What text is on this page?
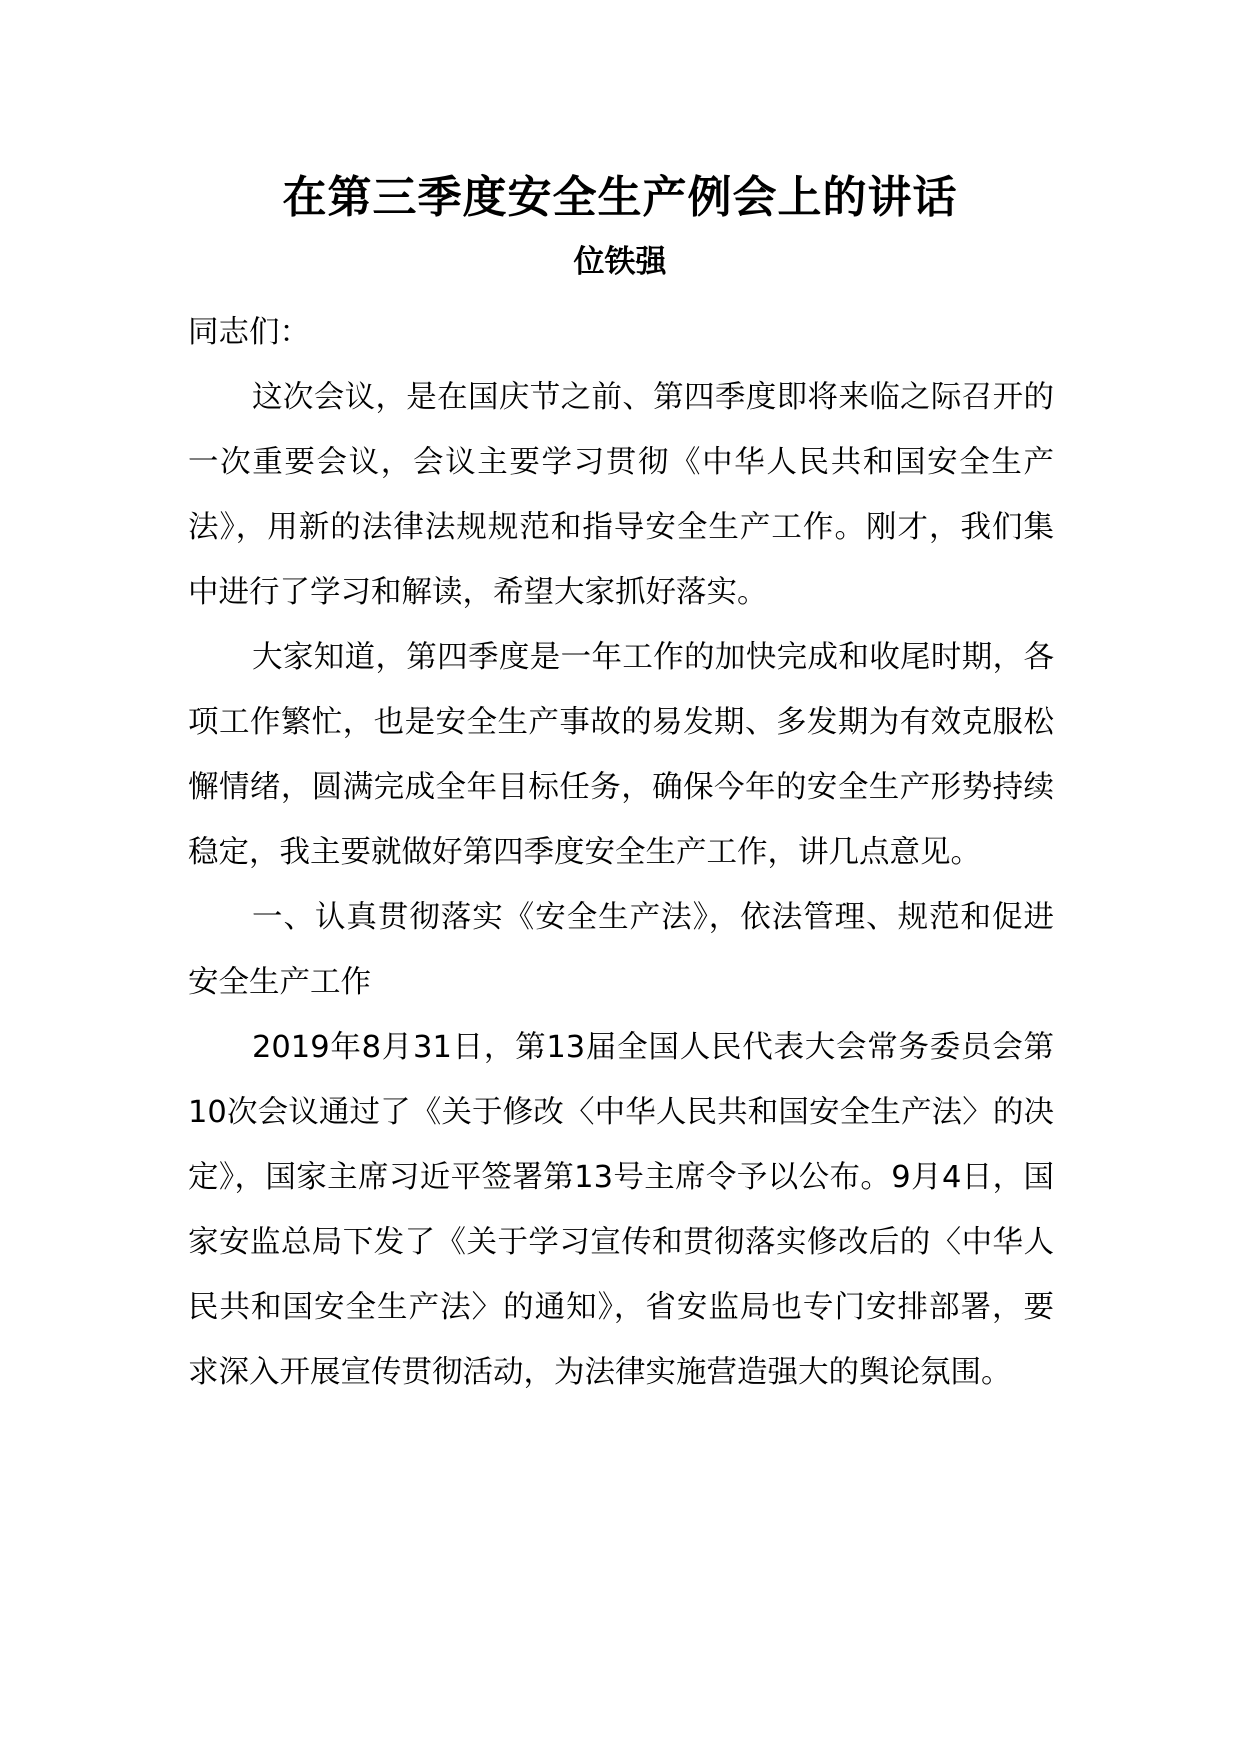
在第三季度安全生产例会上的讲话
位铁强

同志们：

这次会议，是在国庆节之前、第四季度即将来临之际召开的一次重要会议，会议主要学习贯彻《中华人民共和国安全生产法》，用新的法律法规规范和指导安全生产工作。刚才，我们集中进行了学习和解读，希望大家抓好落实。

大家知道，第四季度是一年工作的加快完成和收尾时期，各项工作繁忙，也是安全生产事故的易发期、多发期为有效克服松懈情绪，圆满完成全年目标任务，确保今年的安全生产形势持续稳定，我主要就做好第四季度安全生产工作，讲几点意见。

一、认真贯彻落实《安全生产法》，依法管理、规范和促进安全生产工作

2019年8月31日，第13届全国人民代表大会常务委员会第10次会议通过了《关于修改〈中华人民共和国安全生产法〉的决定》，国家主席习近平签署第13号主席令予以公布。9月4日，国家安监总局下发了《关于学习宣传和贯彻落实修改后的〈中华人民共和国安全生产法〉的通知》，省安监局也专门安排部署，要求深入开展宣传贯彻活动，为法律实施营造强大的舆论氛围。
